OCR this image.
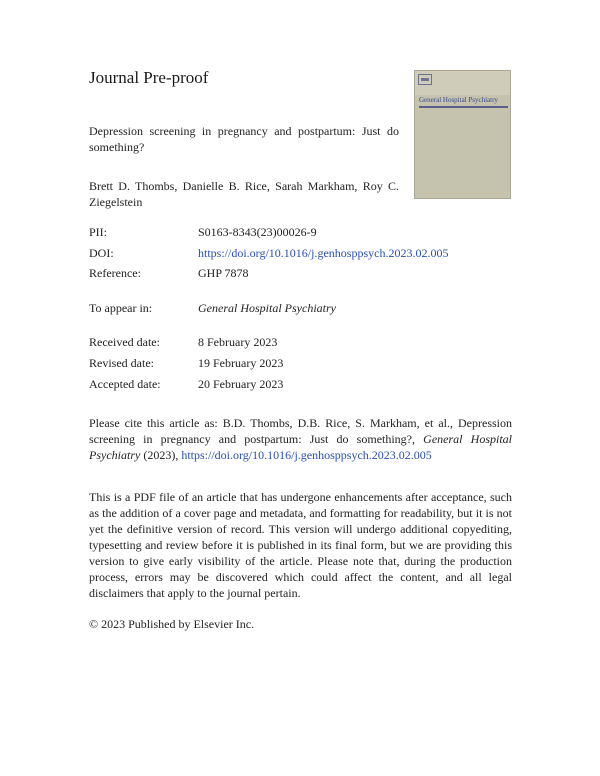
Journal Pre-proof
General Hospital Psychiatry
Depression screening in pregnancy and postpartum: Just do something?
Brett D. Thombs, Danielle B. Rice, Sarah Markham, Roy C. Ziegelstein
PII:	S0163-8343(23)00026-9
DOI:	https://doi.org/10.1016/j.genhosppsych.2023.02.005
Reference:	GHP 7878
To appear in:	General Hospital Psychiatry
Received date:	8 February 2023
Revised date:	19 February 2023
Accepted date:	20 February 2023
Please cite this article as: B.D. Thombs, D.B. Rice, S. Markham, et al., Depression screening in pregnancy and postpartum: Just do something?, General Hospital Psychiatry (2023), https://doi.org/10.1016/j.genhosppsych.2023.02.005
This is a PDF file of an article that has undergone enhancements after acceptance, such as the addition of a cover page and metadata, and formatting for readability, but it is not yet the definitive version of record. This version will undergo additional copyediting, typesetting and review before it is published in its final form, but we are providing this version to give early visibility of the article. Please note that, during the production process, errors may be discovered which could affect the content, and all legal disclaimers that apply to the journal pertain.
© 2023 Published by Elsevier Inc.
